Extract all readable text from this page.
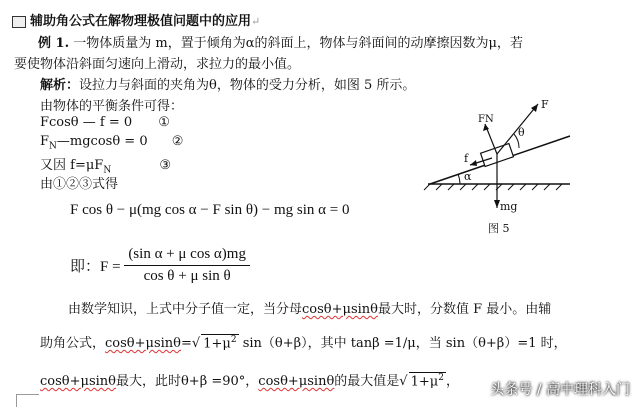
辅助角公式在解物理极值问题中的应用↵
例 1. 一物体质量为 m，置于倾角为α的斜面上，物体与斜面间的动摩擦因数为μ，若
要使物体沿斜面匀速向上滑动，求拉力的最小值。
解析：设拉力与斜面的夹角为θ，物体的受力分析，如图 5 所示。
由物体的平衡条件可得：
Fcosθ — f = 0 ①
$F_N—mgcos\theta = 0$ ②
又因 $f=\mu F_N$	③
由①②③式得
F cos θ − μ(mg cos α − F sin θ) − mg sin α = 0
即：$F = \frac{\text{(sin α + μ cos α)mg}}{\text{cos θ + μ sin θ}}$
由数学知识，上式中分子值一定，当分母cosθ+μsinθ最大时，分数值 F 最小。由辅
助角公式，cosθ+μsinθ=√ $1+\mu^2$ sin（θ+β），其中 tanβ =1/μ，当 sin（θ+β）=1 时，
cosθ+μsinθ最大，此时θ+β =90°，cosθ+μsinθ的最大值是√ $1+\mu^2$ ，
α
F
FN
θ
f
mg
图 5
头条号 / 高中理科入门
